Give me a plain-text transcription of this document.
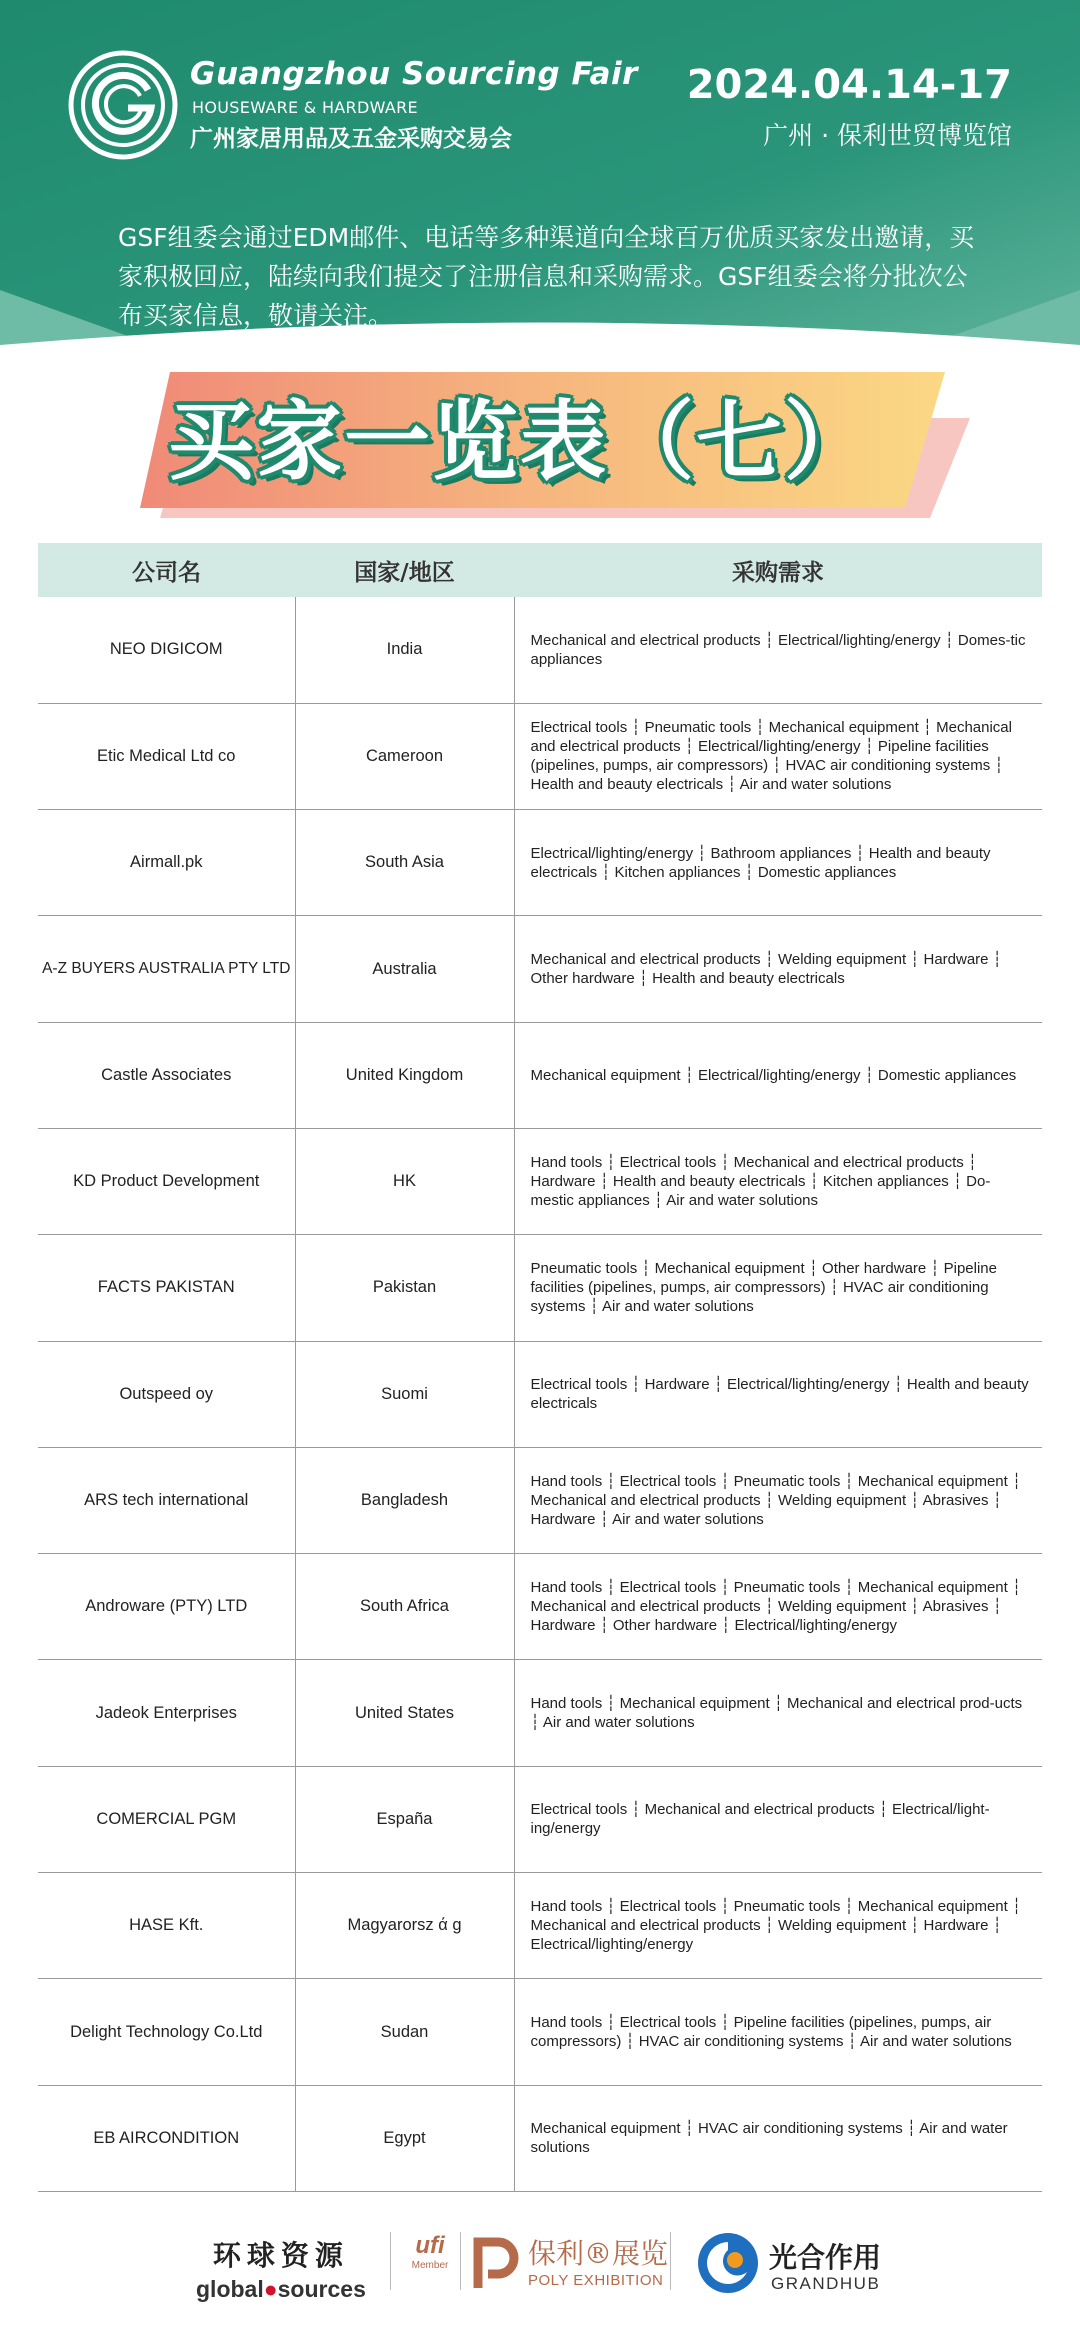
Guangzhou Sourcing Fair
HOUSEWARE & HARDWARE
广州家居用品及五金采购交易会
2024.04.14-17
广州 · 保利世贸博览馆
GSF组委会通过EDM邮件、电话等多种渠道向全球百万优质买家发出邀请，买家积极回应，陆续向我们提交了注册信息和采购需求。GSF组委会将分批次公布买家信息，敬请关注。
买家一览表（七）
公司名	国家/地区	采购需求
NEO DIGICOM	India	Mechanical and electrical products ┆ Electrical/lighting/energy ┆ Domes-tic appliances
Etic Medical Ltd co	Cameroon	Electrical tools ┆ Pneumatic tools ┆ Mechanical equipment ┆ Mechanical and electrical products ┆ Electrical/lighting/energy ┆ Pipeline facilities (pipelines, pumps, air compressors) ┆ HVAC air conditioning systems ┆ Health and beauty electricals ┆ Air and water solutions
Airmall.pk	South Asia	Electrical/lighting/energy ┆ Bathroom appliances ┆ Health and beauty electricals ┆ Kitchen appliances ┆ Domestic appliances
A-Z BUYERS AUSTRALIA PTY LTD	Australia	Mechanical and electrical products ┆ Welding equipment ┆ Hardware ┆ Other hardware ┆ Health and beauty electricals
Castle Associates	United Kingdom	Mechanical equipment ┆ Electrical/lighting/energy ┆ Domestic appliances
KD Product Development	HK	Hand tools ┆ Electrical tools ┆ Mechanical and electrical products ┆ Hardware ┆ Health and beauty electricals ┆ Kitchen appliances ┆ Do-mestic appliances ┆ Air and water solutions
FACTS PAKISTAN	Pakistan	Pneumatic tools ┆ Mechanical equipment ┆ Other hardware ┆ Pipeline facilities (pipelines, pumps, air compressors) ┆ HVAC air conditioning systems ┆ Air and water solutions
Outspeed oy	Suomi	Electrical tools ┆ Hardware ┆ Electrical/lighting/energy ┆ Health and beauty electricals
ARS tech international	Bangladesh	Hand tools ┆ Electrical tools ┆ Pneumatic tools ┆ Mechanical equipment ┆ Mechanical and electrical products ┆ Welding equipment ┆ Abrasives ┆ Hardware ┆ Air and water solutions
Androware (PTY) LTD	South Africa	Hand tools ┆ Electrical tools ┆ Pneumatic tools ┆ Mechanical equipment ┆ Mechanical and electrical products ┆ Welding equipment ┆ Abrasives ┆ Hardware ┆ Other hardware ┆ Electrical/lighting/energy
Jadeok Enterprises	United States	Hand tools ┆ Mechanical equipment ┆ Mechanical and electrical prod-ucts ┆ Air and water solutions
COMERCIAL PGM	España	Electrical tools ┆ Mechanical and electrical products ┆ Electrical/light-ing/energy
HASE Kft.	Magyarorsz ά g	Hand tools ┆ Electrical tools ┆ Pneumatic tools ┆ Mechanical equipment ┆ Mechanical and electrical products ┆ Welding equipment ┆ Hardware ┆ Electrical/lighting/energy
Delight Technology Co.Ltd	Sudan	Hand tools ┆ Electrical tools ┆ Pipeline facilities (pipelines, pumps, air compressors) ┆ HVAC air conditioning systems ┆ Air and water solutions
EB AIRCONDITION	Egypt	Mechanical equipment ┆ HVAC air conditioning systems ┆ Air and water solutions
环球资源
global●sources
ufi
Member	保利®展览
POLY EXHIBITION
光合作用
GRANDHUB
